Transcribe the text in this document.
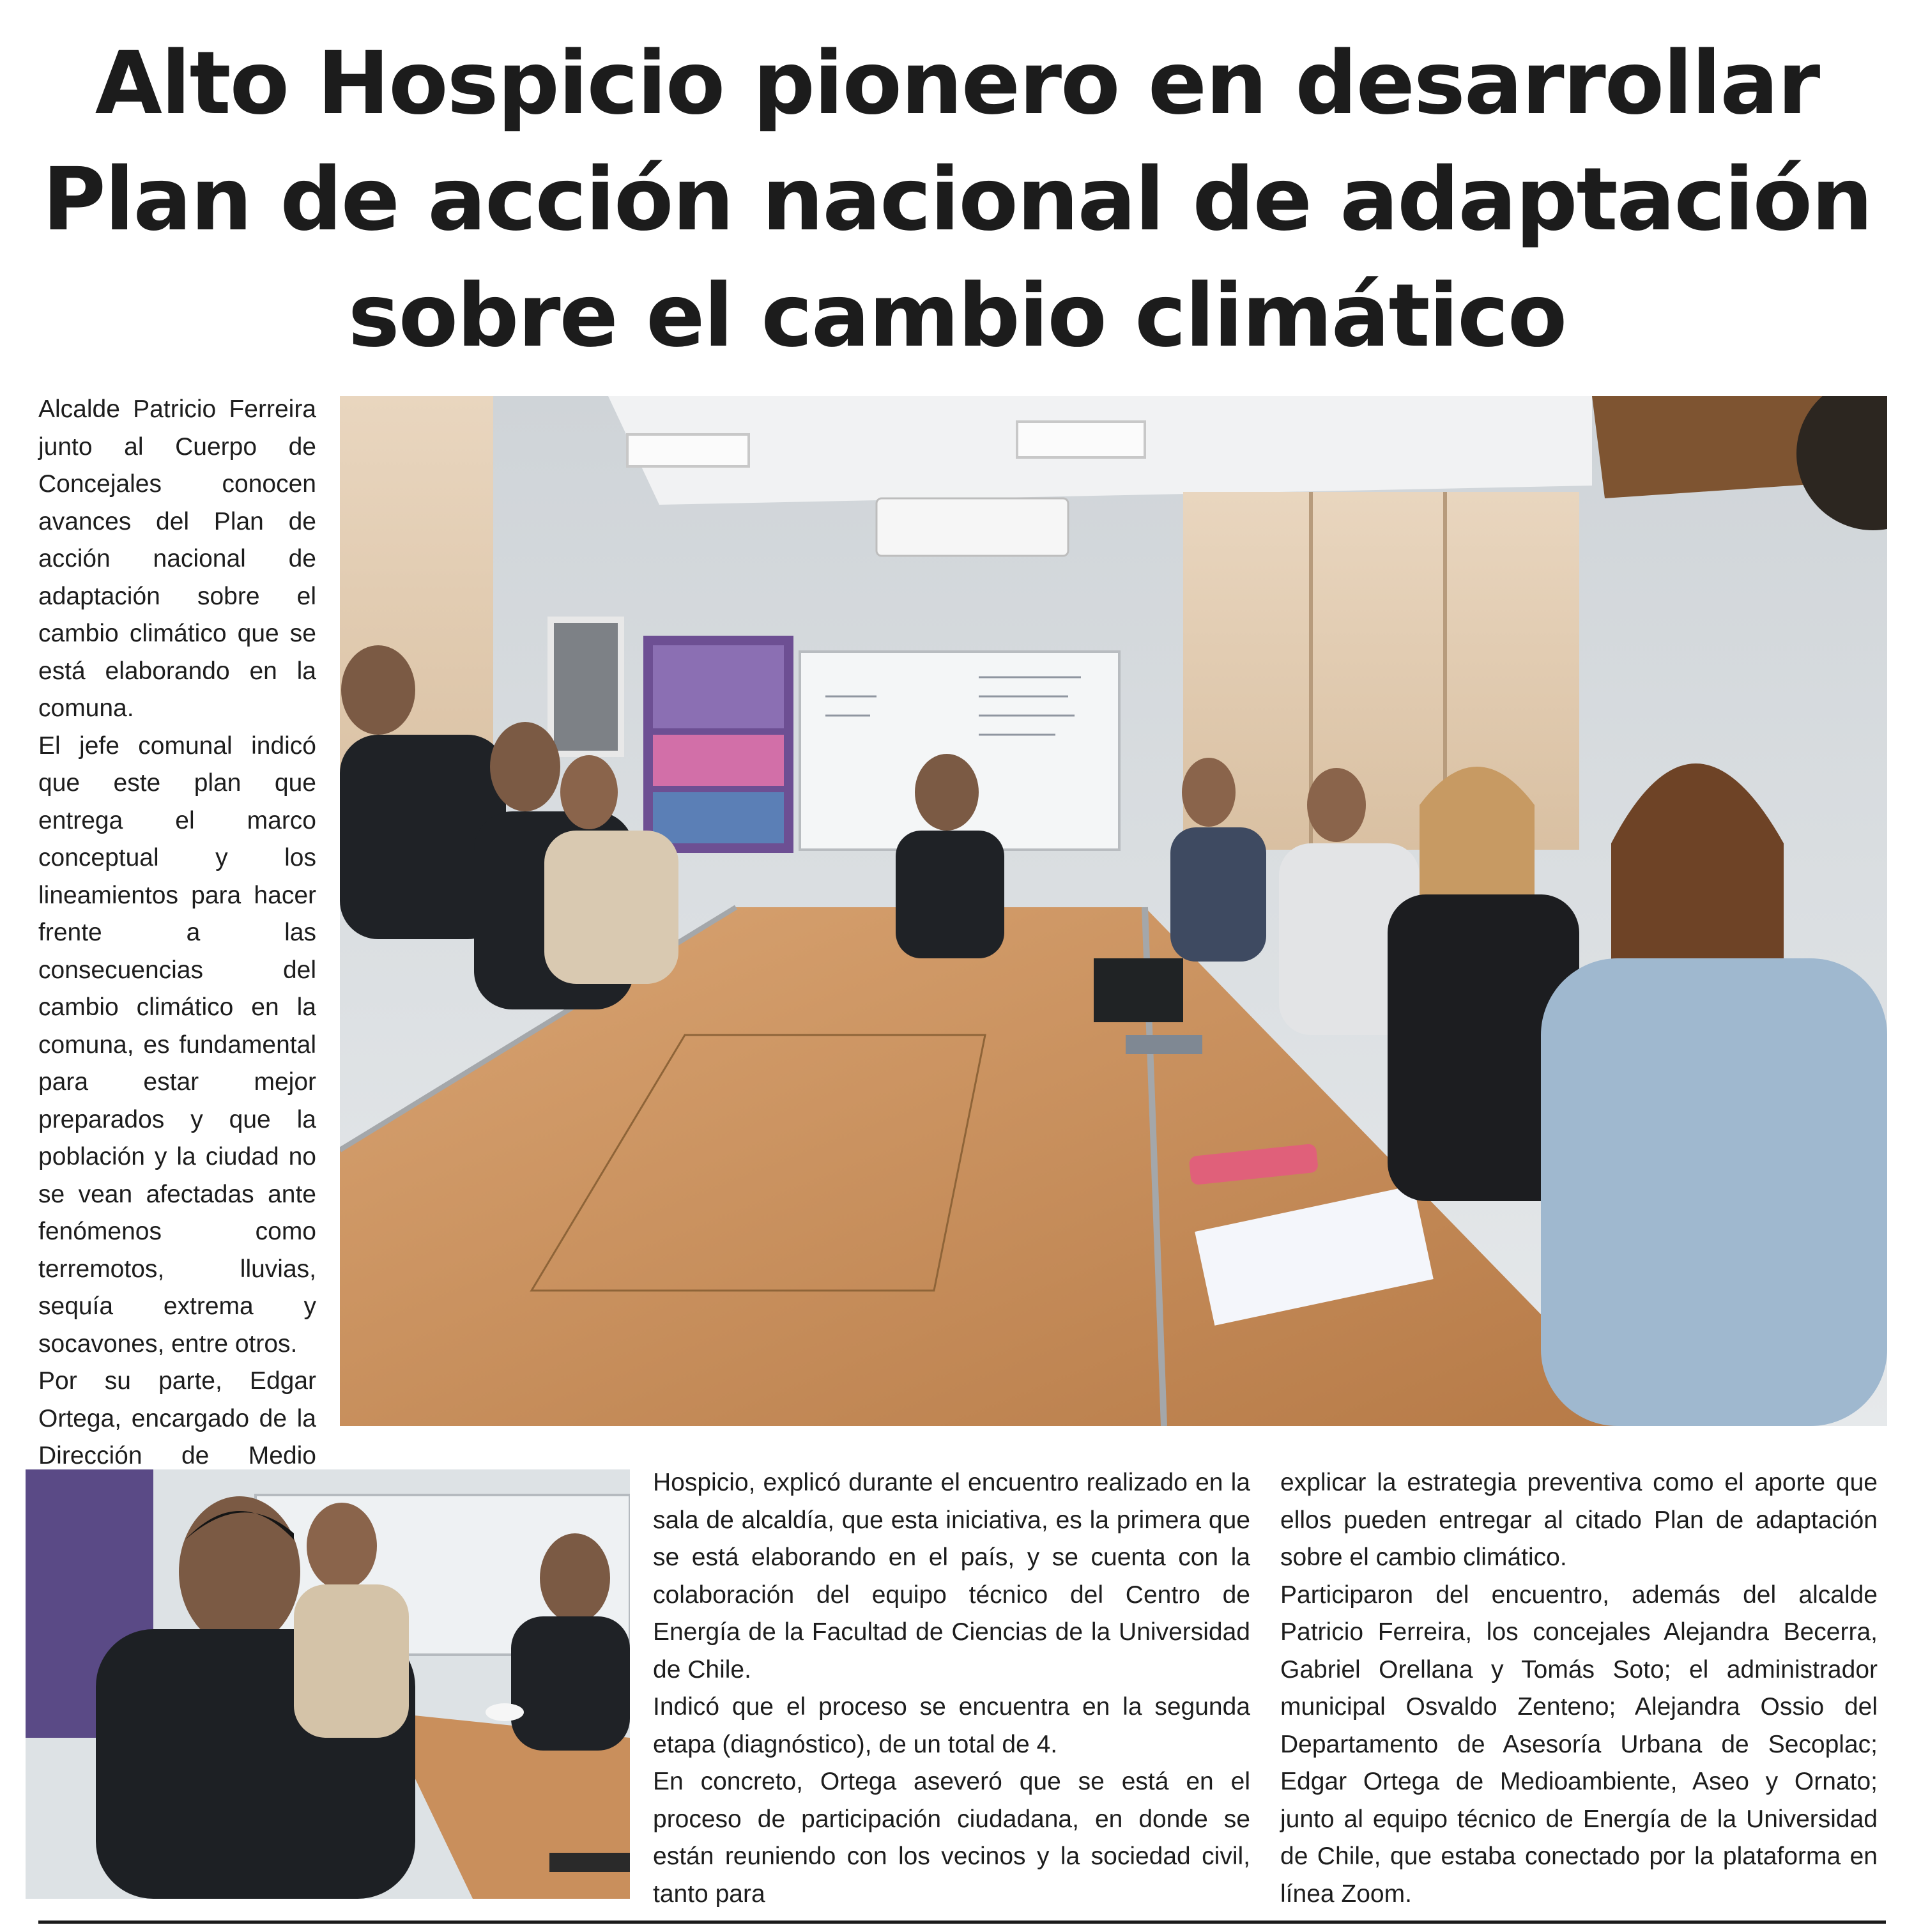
Alto Hospicio pionero en desarrollar
Plan de acción nacional de adaptación
sobre el cambio climático

Alcalde Patricio Ferreira junto al Cuerpo de Concejales conocen avances del Plan de acción nacional de adaptación sobre el cambio climático que se está elaborando en la comuna.

El jefe comunal indicó que este plan que entrega el marco conceptual y los lineamientos para hacer frente a las consecuencias del cambio climático en la comuna, es fundamental para estar mejor preparados y que la población y la ciudad no se vean afectadas ante fenómenos como terremotos, lluvias, sequía extrema y socavones, entre otros.

Por su parte, Edgar Ortega, encargado de la Dirección de Medio

Hospicio, explicó durante el encuentro realizado en la sala de alcaldía, que esta iniciativa, es la primera que se está elaborando en el país, y se cuenta con la colaboración del equipo técnico del Centro de Energía de la Facultad de Ciencias de la Universidad de Chile.

Indicó que el proceso se encuentra en la segunda etapa (diagnóstico), de un total de 4.

En concreto, Ortega aseveró que se está en el proceso de participación ciudadana, en donde se están reuniendo con los vecinos y la sociedad civil, tanto para

explicar la estrategia preventiva como el aporte que ellos pueden entregar al citado Plan de adaptación sobre el cambio climático.

Participaron del encuentro, además del alcalde Patricio Ferreira, los concejales Alejandra Becerra, Gabriel Orellana y Tomás Soto; el administrador municipal Osvaldo Zenteno; Alejandra Ossio del Departamento de Asesoría Urbana de Secoplac; Edgar Ortega de Medioambiente, Aseo y Ornato; junto al equipo técnico de Energía de la Universidad de Chile, que estaba conectado por la plataforma en línea Zoom.
